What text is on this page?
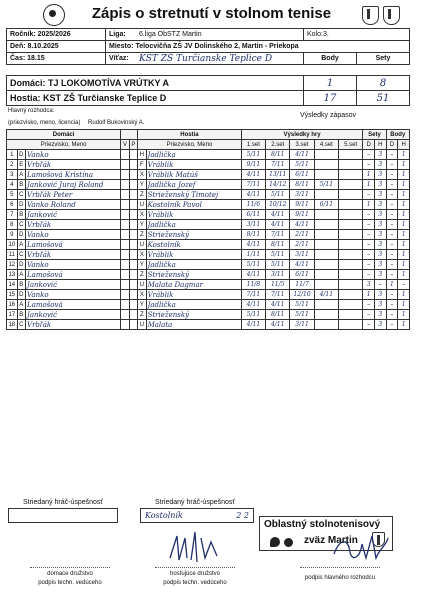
Zápis o stretnutí v stolnom tenise
Ročník: 2025/2026	Liga:	6.liga ObSTZ Martin	Kolo:3.	
Deň: 8.10.2025	Miesto: Telocvičňa ZŠ JV Dolinského 2, Martin - Priekopa			
Čas: 18.15	Víťaz:	KST ZŠ Turčianske Teplice D	Body	Sety
Domáci: TJ LOKOMOTÍVA VRÚTKY A	1	8
Hostia: KST ZŠ Turčianske Teplice D	17	51
Hlavný rozhodca:
(priezvisko, meno, licencia) Rudolf Bukovinský A.
Výsledky zápasov
Domáci					Hostia		Výsledky hry					Sety		Body	
Priezvisko, Meno			V	P	Priezvisko, Meno		1.set	2.set	3.set	4.set	5.set	D	H	D	H
1	D	Vanko			H	Jadlička	5/11	8/11	4/11			–	3	–	1
2	E	Vrbľák			F	Vráblik	9/11	7/11	5/11			–	3	–	1
3	A	Lamošová Kristína			X	Vráblik Matúš	4/11	13/11	6/11			1	3	–	1
4	B	Janković Juraj Roland			Y	Jadlička Jozef	7/11	14/12	8/11	5/11		1	3	–	1
5	C	Vrbľák Peter			Z	Strieženský Timotej	4/11	5/11	3/11			–	3	–	1
6	D	Vanko Roland			U	Kostolník Pavol	11/6	10/12	9/11	6/11		1	3	–	1
7	B	Janković			X	Vráblik	6/11	4/11	9/11			–	3	–	1
8	C	Vrbľák			Y	Jadlička	3/11	4/11	4/11			–	3	–	1
9	D	Vanko			Z	Strieženský	8/11	7/11	2/11			–	3	–	1
10	A	Lamošová			U	Kostolník	4/11	8/11	2/11			–	3	–	1
11	C	Vrbľák			X	Vráblik	1/11	5/11	3/11			–	3	–	1
12	D	Vanko			Y	Jadlička	5/11	5/11	4/11			–	3	–	1
13	A	Lamošová			Z	Strieženský	4/11	3/11	6/11			–	3	–	1
14	B	Janković			U	Malata Dagmar	11/8	11/5	11/7			3	–	1	–
15	D	Vanko			X	Vráblik	7/11	7/11	12/10	4/11		1	3	–	1
16	A	Lamošová			Y	Jadlička	4/11	4/11	5/11			–	3	–	1
17	B	Janković			Z	Strieženský	5/11	8/11	5/11			–	3	–	1
18	C	Vrbľák			U	Malata	4/11	4/11	3/11			–	3	–	1
Striedaný hráč-úspešnosť	Striedaný hráč-úspešnosť
Kostolník	2 2
Oblastný stolnotenisový
zväz Martin
domace družstvo
podpis techn. vedúceho
hostujúce družstvo
podpis techn. vedúceho
podpis hlavného rozhodcu
